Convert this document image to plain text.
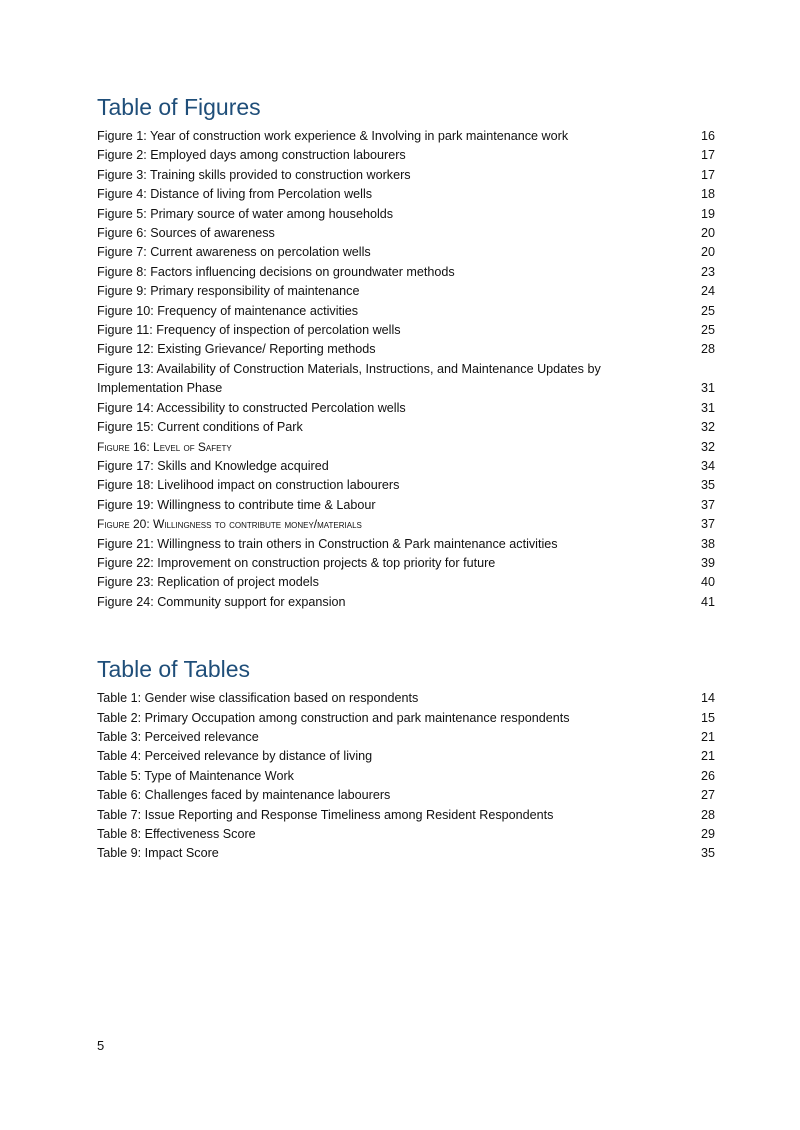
Table of Figures
Figure 1: Year of construction work experience & Involving in park maintenance work	16
Figure 2: Employed days among construction labourers	17
Figure 3: Training skills provided to construction workers	17
Figure 4: Distance of living from Percolation wells	18
Figure 5: Primary source of water among households	19
Figure 6: Sources of awareness	20
Figure 7: Current awareness on percolation wells	20
Figure 8: Factors influencing decisions on groundwater methods	23
Figure 9: Primary responsibility of maintenance	24
Figure 10: Frequency of maintenance activities	25
Figure 11: Frequency of inspection of percolation wells	25
Figure 12: Existing Grievance/ Reporting methods	28
Figure 13: Availability of Construction Materials, Instructions, and Maintenance Updates by Implementation Phase	31
Figure 14: Accessibility to constructed Percolation wells	31
Figure 15: Current conditions of Park	32
Figure 16: Level of Safety	32
Figure 17: Skills and Knowledge acquired	34
Figure 18: Livelihood impact on construction labourers	35
Figure 19: Willingness to contribute time & Labour	37
Figure 20: Willingness to contribute money/materials	37
Figure 21: Willingness to train others in Construction & Park maintenance activities	38
Figure 22: Improvement on construction projects & top priority for future	39
Figure 23: Replication of project models	40
Figure 24: Community support for expansion	41
Table of Tables
Table 1: Gender wise classification based on respondents	14
Table 2: Primary Occupation among construction and park maintenance respondents	15
Table 3: Perceived relevance	21
Table 4: Perceived relevance by distance of living	21
Table 5: Type of Maintenance Work	26
Table 6: Challenges faced by maintenance labourers	27
Table 7: Issue Reporting and Response Timeliness among Resident Respondents	28
Table 8: Effectiveness Score	29
Table 9: Impact Score	35
5
